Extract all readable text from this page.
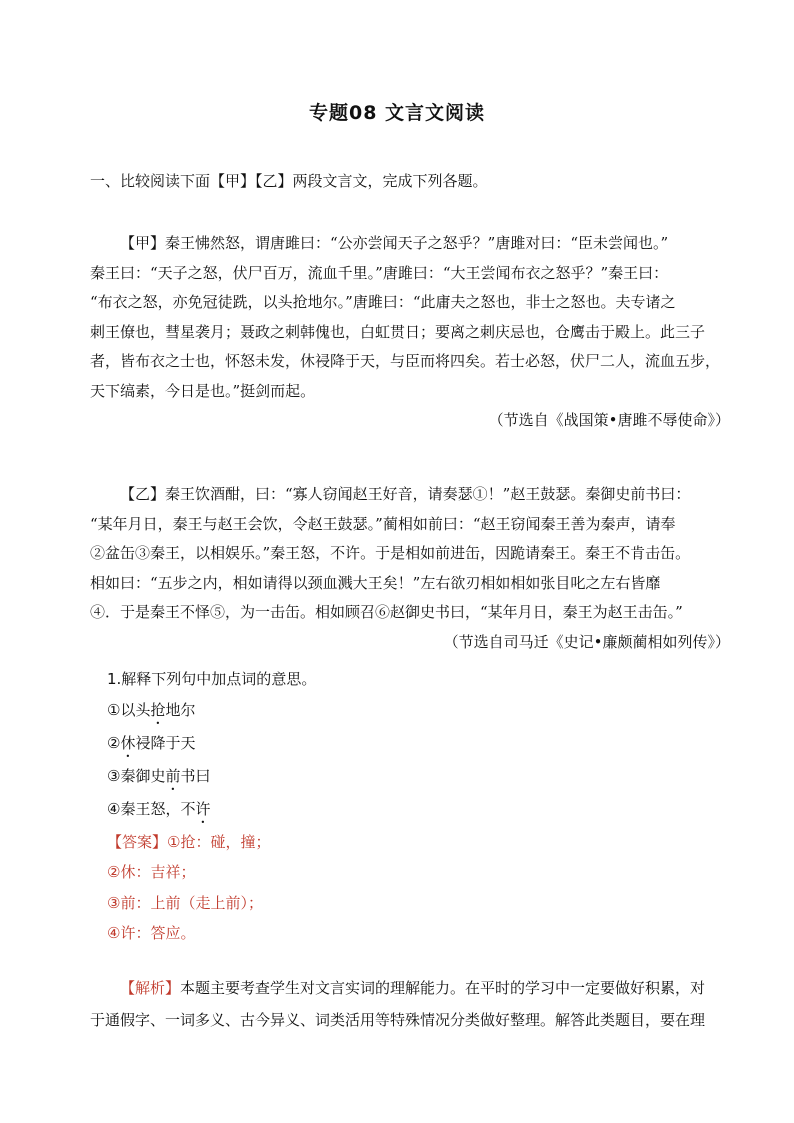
专题08 文言文阅读
一、比较阅读下面【甲】【乙】两段文言文，完成下列各题。

【甲】秦王怫然怒，谓唐雎曰：“公亦尝闻天子之怒乎？”唐雎对曰：“臣未尝闻也。”

秦王曰：“天子之怒，伏尸百万，流血千里。”唐雎曰：“大王尝闻布衣之怒乎？”秦王曰：

“布衣之怒，亦免冠徒跣，以头抢地尔。”唐雎曰：“此庸夫之怒也，非士之怒也。夫专诸之

刺王僚也，彗星袭月；聂政之刺韩傀也，白虹贯日；要离之刺庆忌也，仓鹰击于殿上。此三子

者，皆布衣之士也，怀怒未发，休祲降于天，与臣而将四矣。若士必怒，伏尸二人，流血五步，

天下缟素，今日是也。”挺剑而起。

（节选自《战国策•唐雎不辱使命》）

【乙】秦王饮酒酣，曰：“寡人窃闻赵王好音，请奏瑟①！”赵王鼓瑟。秦御史前书曰：

“某年月日，秦王与赵王会饮，令赵王鼓瑟。”蔺相如前曰：“赵王窃闻秦王善为秦声，请奉

②盆缶③秦王，以相娱乐。”秦王怒，不许。于是相如前进缶，因跪请秦王。秦王不肯击缶。

相如曰：“五步之内，相如请得以颈血溅大王矣！”左右欲刃相如相如张目叱之左右皆靡

④．于是秦王不怿⑤，为一击缶。相如顾召⑥赵御史书曰，“某年月日，秦王为赵王击缶。”

（节选自司马迁《史记•廉颇蔺相如列传》）

1.解释下列句中加点词的意思。

①以头抢地尔

②休祲降于天

③秦御史前书曰

④秦王怒，不许

【答案】①抢：碰，撞；

②休：吉祥；

③前：上前（走上前）；

④许：答应。

【解析】本题主要考查学生对文言实词的理解能力。在平时的学习中一定要做好积累，对

于通假字、一词多义、古今异义、词类活用等特殊情况分类做好整理。解答此类题目，要在理
